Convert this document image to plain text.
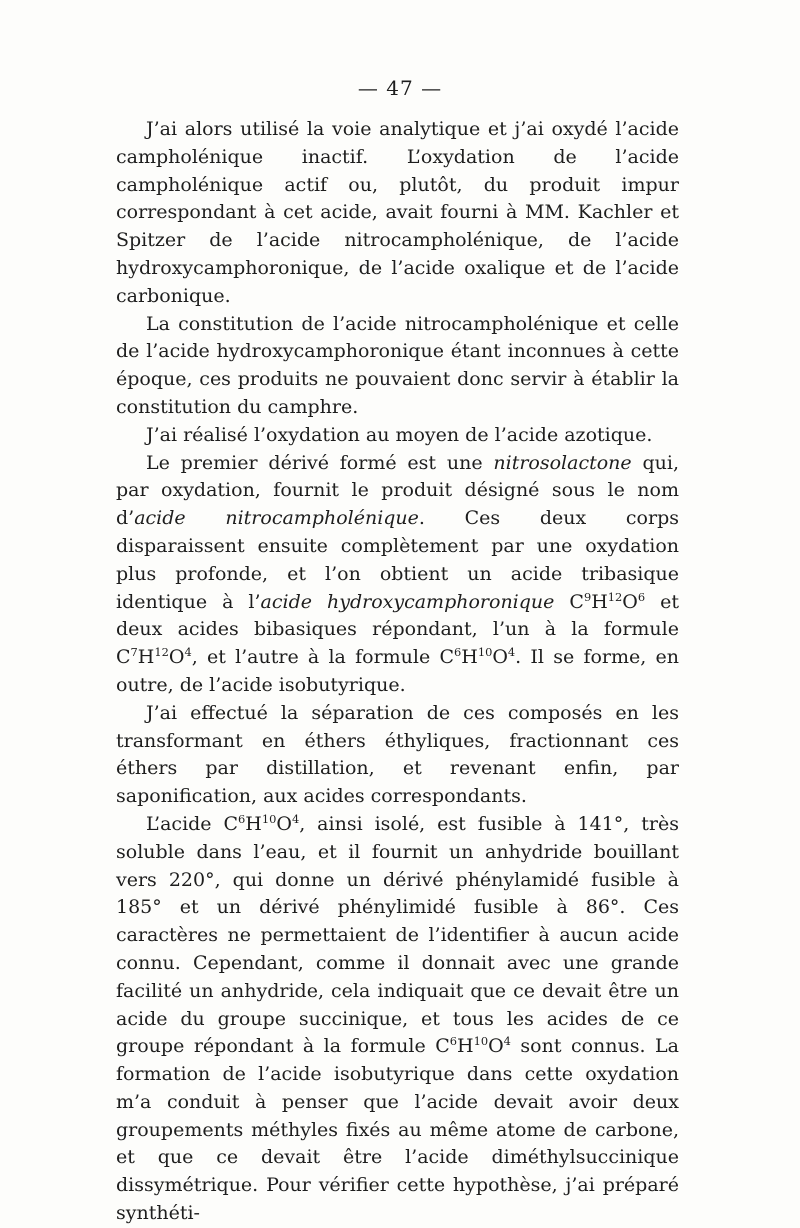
— 47 —

J’ai alors utilisé la voie analytique et j’ai oxydé l’acide campholénique inactif. L’oxydation de l’acide campholénique actif ou, plutôt, du produit impur correspondant à cet acide, avait fourni à MM. Kachler et Spitzer de l’acide nitrocampholénique, de l’acide hydroxycamphoronique, de l’acide oxalique et de l’acide carbonique.

La constitution de l’acide nitrocampholénique et celle de l’acide hydroxycamphoronique étant inconnues à cette époque, ces produits ne pouvaient donc servir à établir la constitution du camphre.

J’ai réalisé l’oxydation au moyen de l’acide azotique.

Le premier dérivé formé est une nitrosolactone qui, par oxydation, fournit le produit désigné sous le nom d’acide nitrocampholénique. Ces deux corps disparaissent ensuite complètement par une oxydation plus profonde, et l’on obtient un acide tribasique identique à l’acide hydroxycamphoronique $C^9H^{12}O^6$ et deux acides bibasiques répondant, l’un à la formule $C^7H^{12}O^4$, et l’autre à la formule $C^6H^{10}O^4$. Il se forme, en outre, de l’acide isobutyrique.

J’ai effectué la séparation de ces composés en les transformant en éthers éthyliques, fractionnant ces éthers par distillation, et revenant enfin, par saponification, aux acides correspondants.

L’acide $C^6H^{10}O^4$, ainsi isolé, est fusible à 141°, très soluble dans l’eau, et il fournit un anhydride bouillant vers 220°, qui donne un dérivé phénylamidé fusible à 185° et un dérivé phénylimidé fusible à 86°. Ces caractères ne permettaient de l’identifier à aucun acide connu. Cependant, comme il donnait avec une grande facilité un anhydride, cela indiquait que ce devait être un acide du groupe succinique, et tous les acides de ce groupe répondant à la formule $C^6H^{10}O^4$ sont connus. La formation de l’acide isobutyrique dans cette oxydation m’a conduit à penser que l’acide devait avoir deux groupements méthyles fixés au même atome de carbone, et que ce devait être l’acide diméthylsuccinique dissymétrique. Pour vérifier cette hypothèse, j’ai préparé synthéti-
